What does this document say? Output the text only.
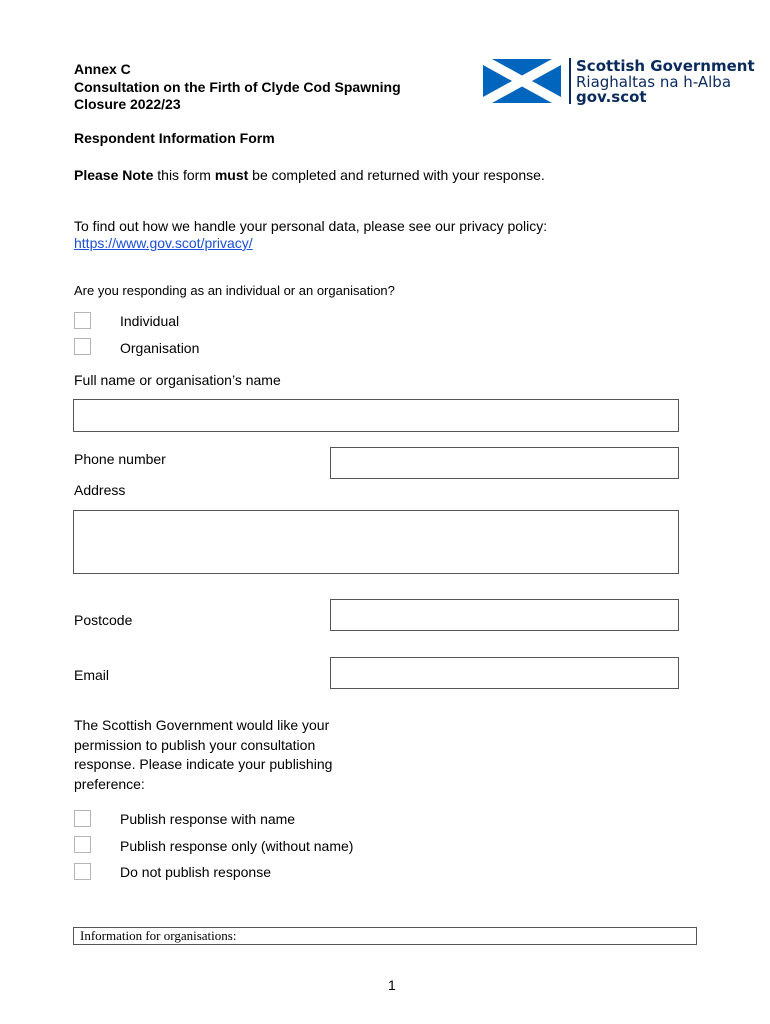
Annex C
Consultation on the Firth of Clyde Cod Spawning
Closure 2022/23
Scottish Government
Riaghaltas na h-Alba
gov.scot
Respondent Information Form
Please Note this form must be completed and returned with your response.
To find out how we handle your personal data, please see our privacy policy:
https://www.gov.scot/privacy/
Are you responding as an individual or an organisation?
Individual
Organisation
Full name or organisation’s name
Phone number
Address
Postcode
Email
The Scottish Government would like your
permission to publish your consultation
response. Please indicate your publishing
preference:
Publish response with name
Publish response only (without name)
Do not publish response
Information for organisations:
1
